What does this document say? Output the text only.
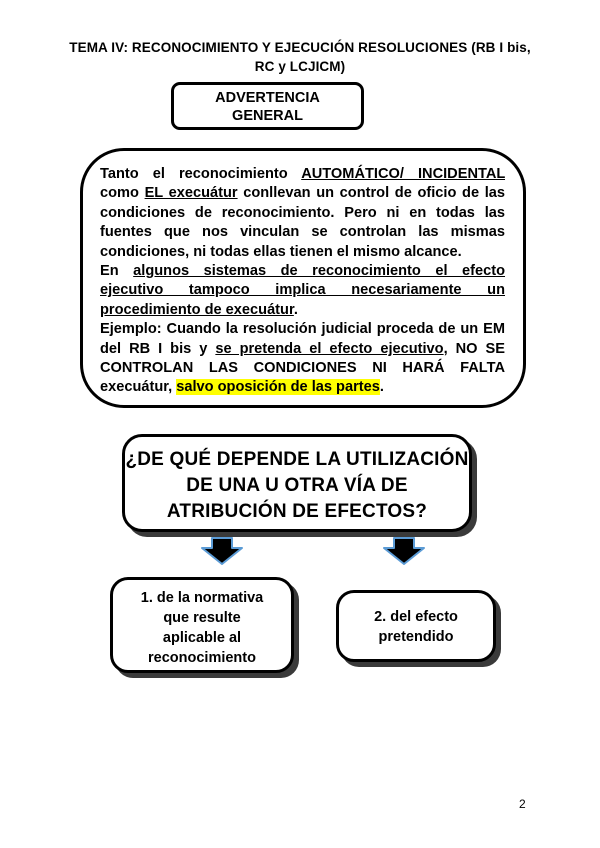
TEMA IV: RECONOCIMIENTO Y EJECUCIÓN RESOLUCIONES (RB I bis,
RC y LCJICM)
ADVERTENCIA
GENERAL

Tanto el reconocimiento AUTOMÁTICO/ INCIDENTAL como EL execuátur conllevan un control de oficio de las condiciones de reconocimiento. Pero ni en todas las fuentes que nos vinculan se controlan las mismas condiciones, ni todas ellas tienen el mismo alcance.

En algunos sistemas de reconocimiento el efecto ejecutivo tampoco implica necesariamente un procedimiento de execuátur.

Ejemplo: Cuando la resolución judicial proceda de un EM del RB I bis y se pretenda el efecto ejecutivo, NO SE CONTROLAN LAS CONDICIONES NI HARÁ FALTA execuátur, salvo oposición de las partes.

¿DE QUÉ DEPENDE LA UTILIZACIÓN
DE UNA U OTRA VÍA DE
ATRIBUCIÓN DE EFECTOS?
1. de la normativa
que resulte
aplicable al
reconocimiento
2. del efecto
pretendido
2
